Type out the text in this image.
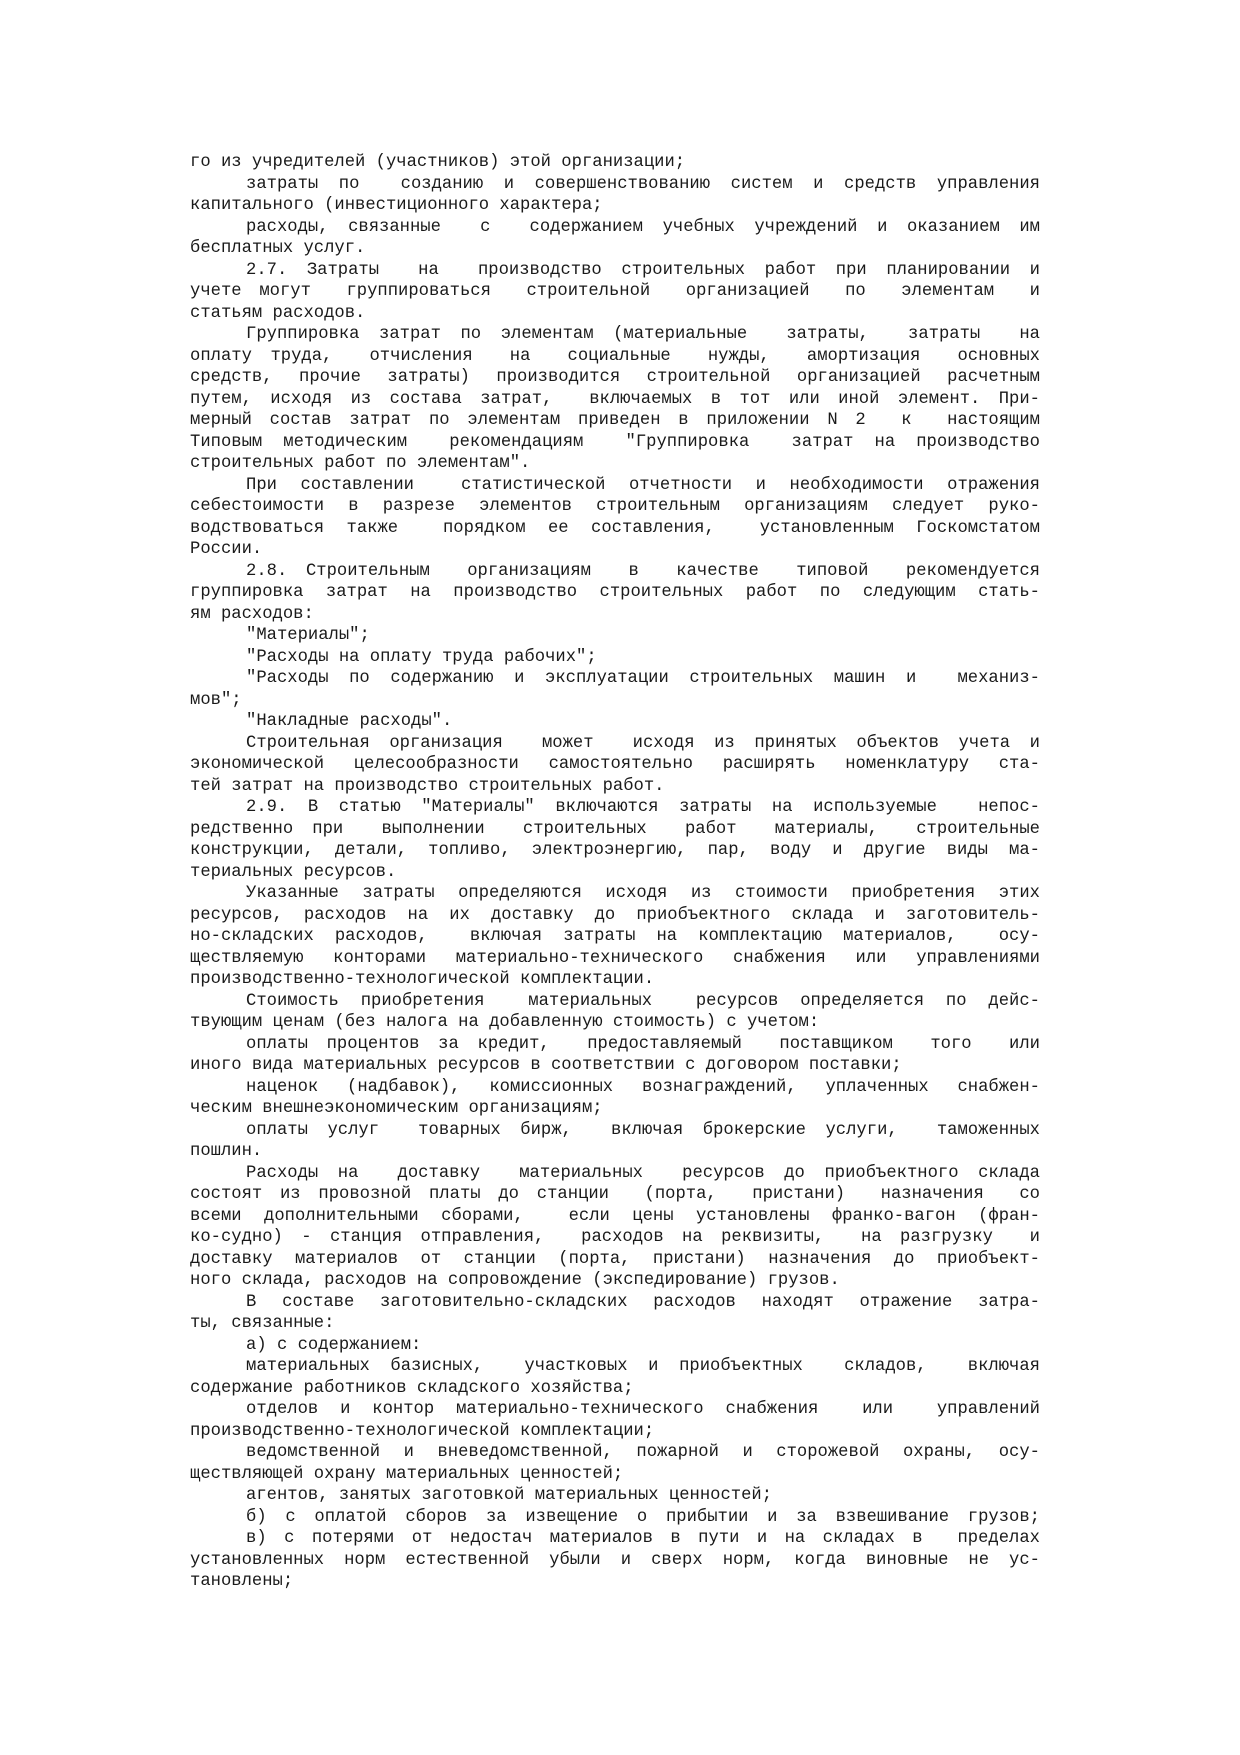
го из учредителей (участников) этой организации;
затраты по  созданию и совершенствованию систем и средств управления
капитального (инвестиционного характера;
расходы, связанные  с  содержанием учебных учреждений и оказанием им
бесплатных услуг.
2.7. Затраты  на  производство строительных работ при планировании и
учете могут  группироваться  строительной  организацией  по  элементам  и
статьям расходов.
Группировка затрат по элементам (материальные  затраты,  затраты  на
оплату труда,  отчисления  на  социальные  нужды,  амортизация  основных
средств, прочие затраты) производится строительной организацией расчетным
путем, исходя из состава затрат,  включаемых в тот или иной элемент. При-
мерный состав затрат по элементам приведен в приложении N 2  к  настоящим
Типовым методическим  рекомендациям  "Группировка  затрат на производство
строительных работ по элементам".
При составлении  статистической отчетности и необходимости отражения
себестоимости в разрезе элементов строительным организациям следует руко-
водствоваться также  порядком ее составления,  установленным Госкомстатом
России.
2.8. Строительным  организациям  в  качестве  типовой  рекомендуется
группировка затрат на производство строительных работ по следующим стать-
ям расходов:
"Материалы";
"Расходы на оплату труда рабочих";
"Расходы по содержанию и эксплуатации строительных машин и  механиз-
мов";
"Накладные расходы".
Строительная организация  может  исходя из принятых объектов учета и
экономической целесообразности самостоятельно расширять номенклатуру ста-
тей затрат на производство строительных работ.
2.9. В статью "Материалы" включаются затраты на используемые  непос-
редственно при  выполнении  строительных  работ  материалы,  строительные
конструкции, детали, топливо, электроэнергию, пар, воду и другие виды ма-
териальных ресурсов.
Указанные затраты определяются исходя из стоимости приобретения этих
ресурсов, расходов на их доставку до приобъектного склада и заготовитель-
но-складских расходов,  включая затраты на комплектацию материалов,  осу-
ществляемую конторами материально-технического снабжения или управлениями
производственно-технологической комплектации.
Стоимость приобретения  материальных  ресурсов определяется по дейс-
твующим ценам (без налога на добавленную стоимость) с учетом:
оплаты процентов за кредит,  предоставляемый  поставщиком  того  или
иного вида материальных ресурсов в соответствии с договором поставки;
наценок (надбавок), комиссионных вознаграждений, уплаченных снабжен-
ческим внешнеэкономическим организациям;
оплаты услуг  товарных бирж,  включая брокерские услуги,  таможенных
пошлин.
Расходы на  доставку  материальных  ресурсов до приобъектного склада
состоят из провозной платы до станции  (порта,  пристани)  назначения  со
всеми дополнительными сборами,  если цены установлены франко-вагон (фран-
ко-судно) - станция отправления,  расходов на реквизиты,  на разгрузку  и
доставку материалов от станции (порта, пристани) назначения до приобъект-
ного склада, расходов на сопровождение (экспедирование) грузов.
В составе заготовительно-складских расходов находят отражение затра-
ты, связанные:
а) с содержанием:
материальных базисных,  участковых и приобъектных  складов,  включая
содержание работников складского хозяйства;
отделов и контор материально-технического снабжения  или  управлений
производственно-технологической комплектации;
ведомственной и вневедомственной, пожарной и сторожевой охраны, осу-
ществляющей охрану материальных ценностей;
агентов, занятых заготовкой материальных ценностей;
б) с оплатой сборов за извещение о прибытии и за взвешивание грузов;
в) с потерями от недостач материалов в пути и на складах в  пределах
установленных норм естественной убыли и сверх норм, когда виновные не ус-
тановлены;
